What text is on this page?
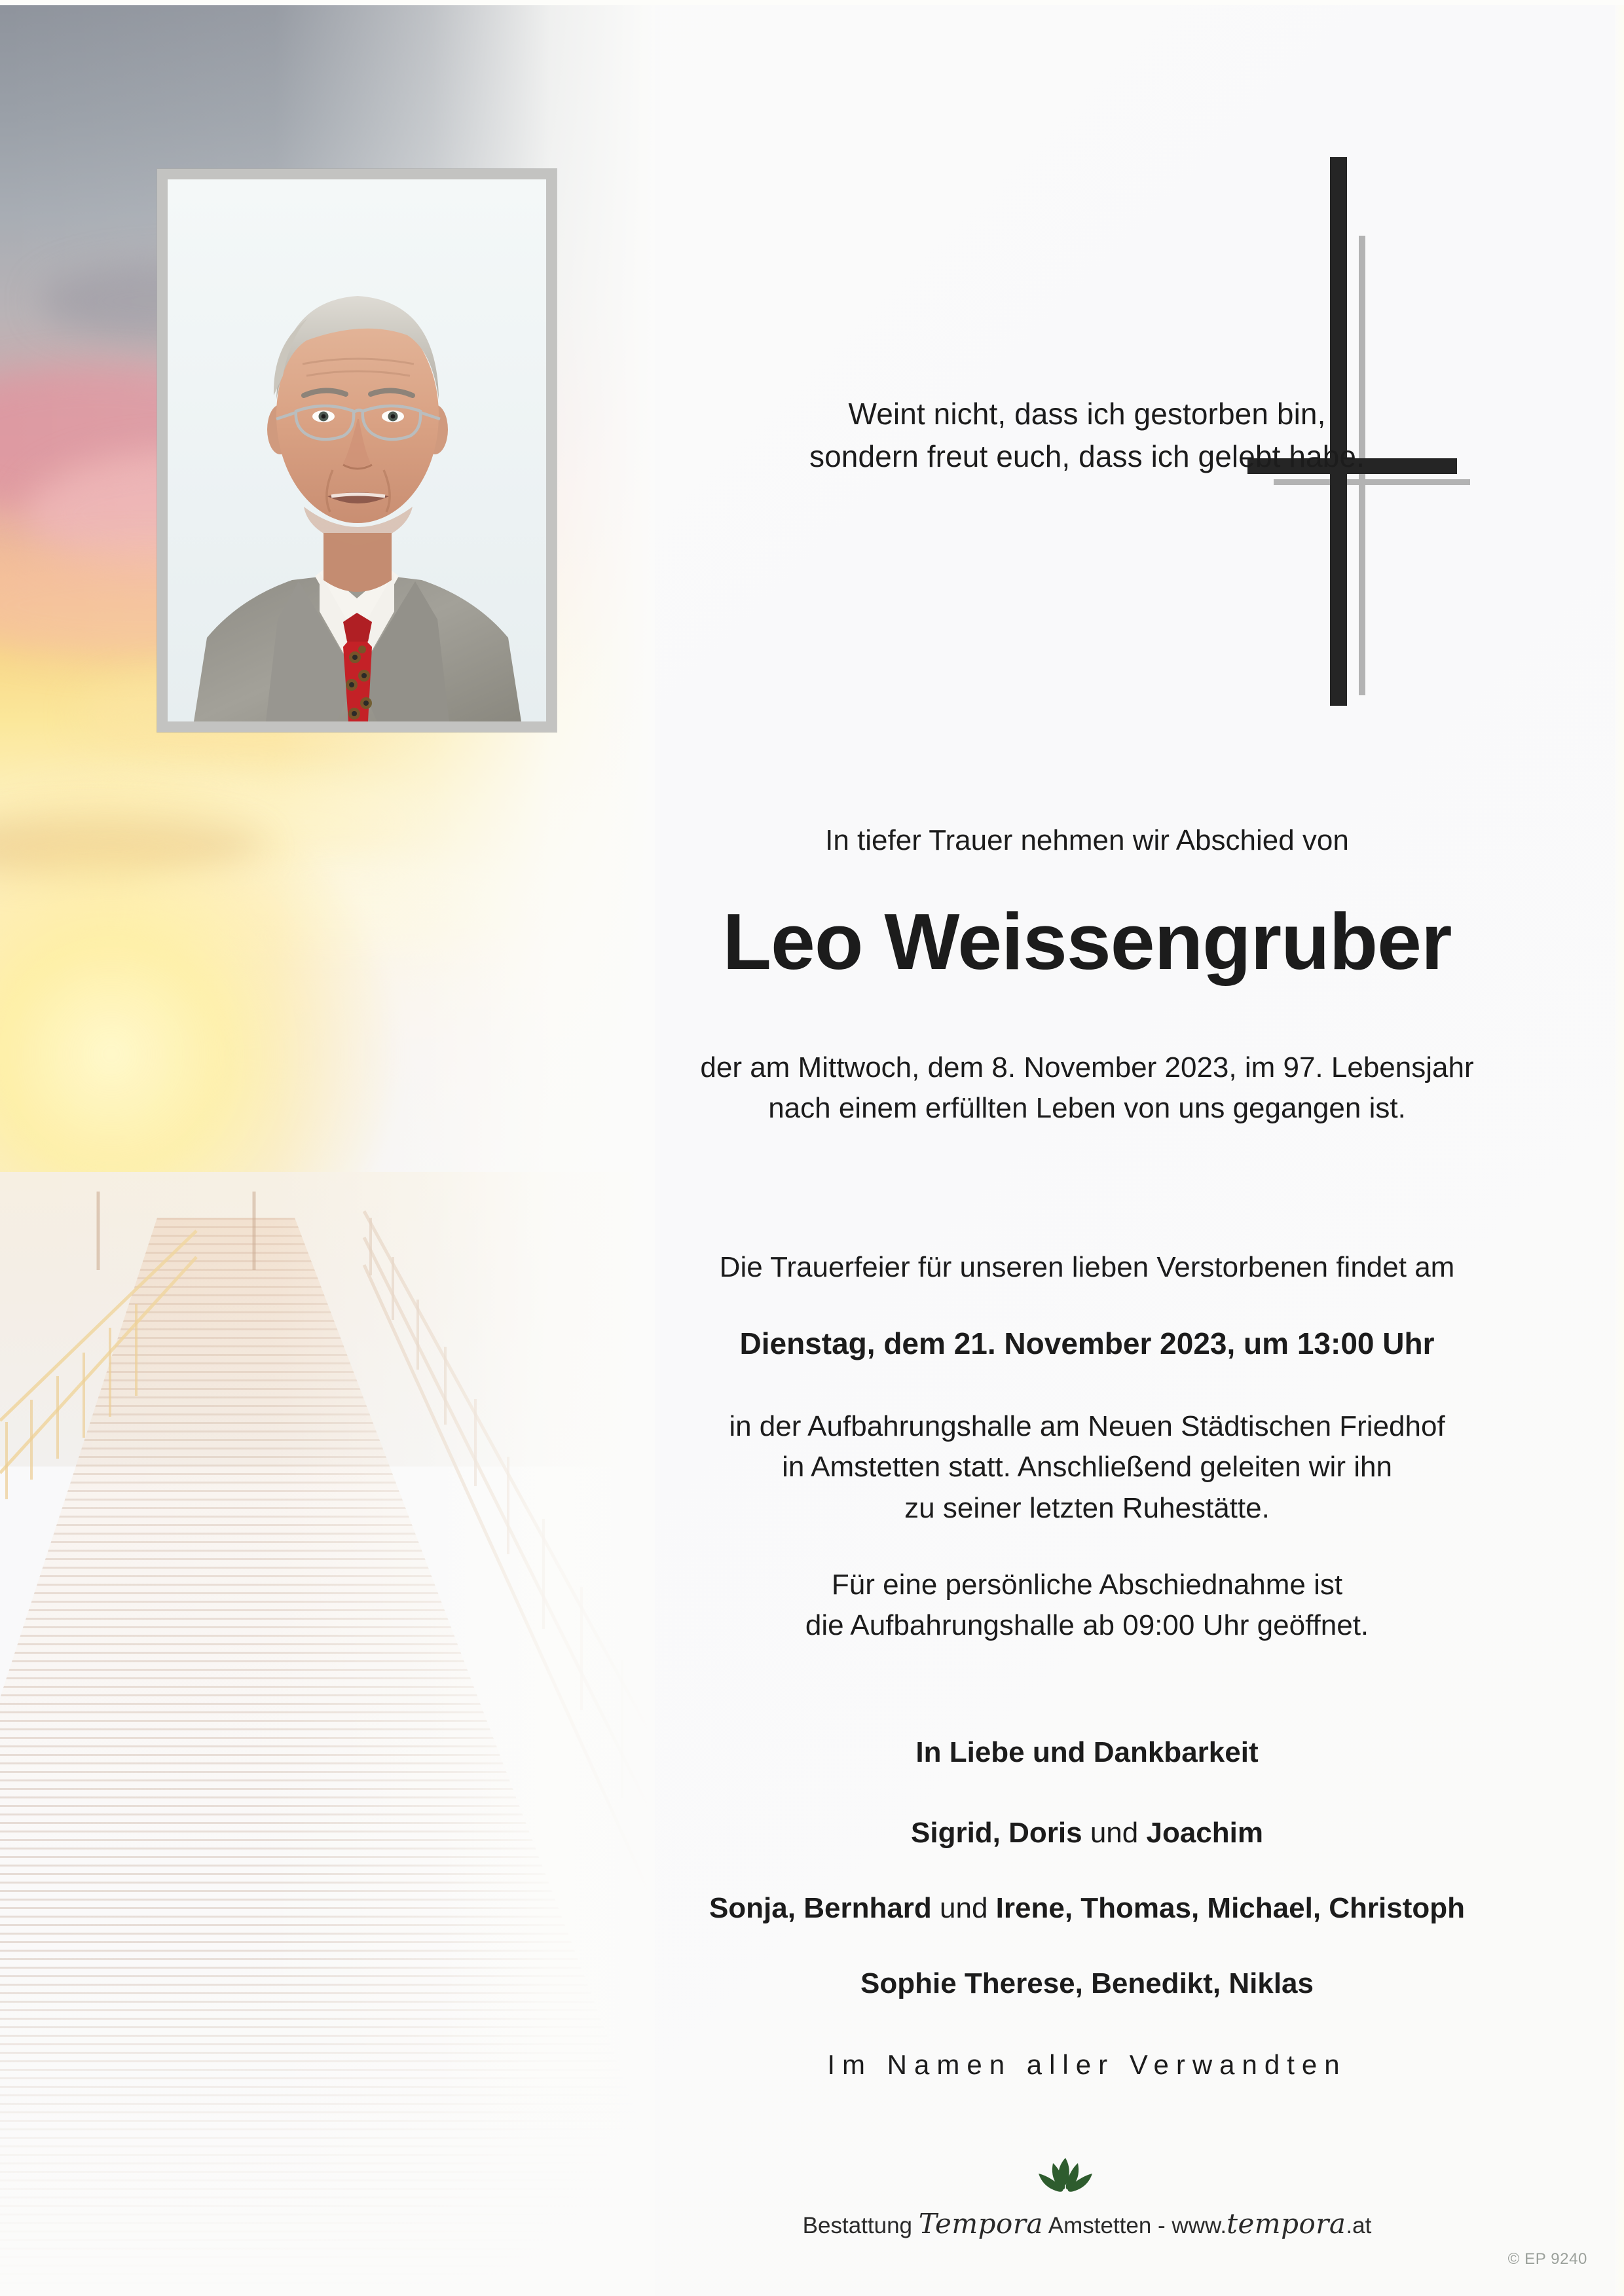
Weint nicht, dass ich gestorben bin,
sondern freut euch, dass ich gelebt habe.
In tiefer Trauer nehmen wir Abschied von
Leo Weissengruber
der am Mittwoch, dem 8. November 2023, im 97. Lebensjahr
nach einem erfüllten Leben von uns gegangen ist.
Die Trauerfeier für unseren lieben Verstorbenen findet am
Dienstag, dem 21. November 2023, um 13:00 Uhr
in der Aufbahrungshalle am Neuen Städtischen Friedhof
in Amstetten statt. Anschließend geleiten wir ihn
zu seiner letzten Ruhestätte.
Für eine persönliche Abschiednahme ist
die Aufbahrungshalle ab 09:00 Uhr geöffnet.
In Liebe und Dankbarkeit
Sigrid, Doris und Joachim
Sonja, Bernhard und Irene, Thomas, Michael, Christoph
Sophie Therese, Benedikt, Niklas
Im Namen aller Verwandten
Bestattung Tempora Amstetten - www.tempora.at
© EP 9240
